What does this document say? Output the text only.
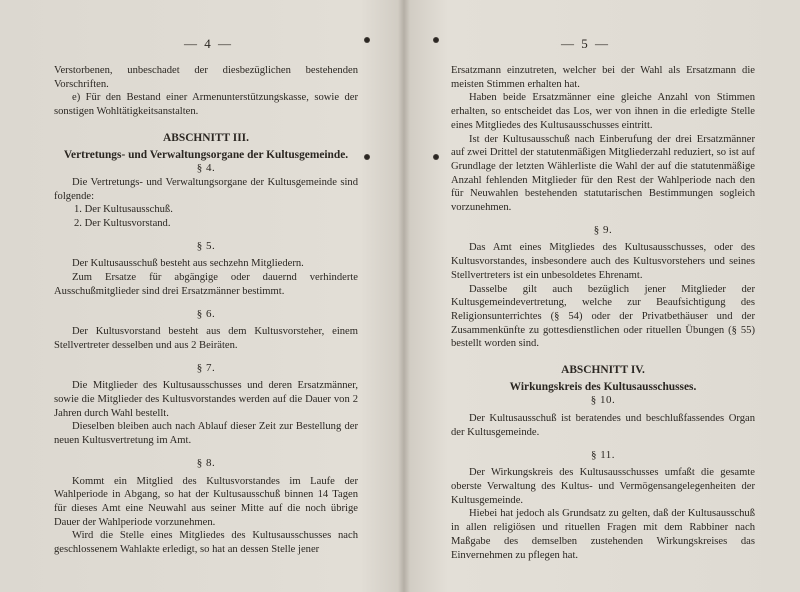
— 4 —

Verstorbenen, unbeschadet der diesbezüglichen bestehenden Vorschriften.

e) Für den Bestand einer Armenunterstützungskasse, sowie der sonstigen Wohltätigkeitsanstalten.

ABSCHNITT III.

Vertretungs- und Verwaltungsorgane der Kultusgemeinde.

§ 4.

Die Vertretungs- und Verwaltungsorgane der Kultusgemeinde sind folgende:

1. Der Kultusausschuß.

2. Der Kultusvorstand.

§ 5.

Der Kultusausschuß besteht aus sechzehn Mitgliedern.

Zum Ersatze für abgängige oder dauernd verhinderte Ausschußmitglieder sind drei Ersatzmänner bestimmt.

§ 6.

Der Kultusvorstand besteht aus dem Kultusvorsteher, einem Stellvertreter desselben und aus 2 Beiräten.

§ 7.

Die Mitglieder des Kultusausschusses und deren Ersatzmänner, sowie die Mitglieder des Kultusvorstandes werden auf die Dauer von 2 Jahren durch Wahl bestellt.

Dieselben bleiben auch nach Ablauf dieser Zeit zur Bestellung der neuen Kultusvertretung im Amt.

§ 8.

Kommt ein Mitglied des Kultusvorstandes im Laufe der Wahlperiode in Abgang, so hat der Kultusausschuß binnen 14 Tagen für dieses Amt eine Neuwahl aus seiner Mitte auf die noch übrige Dauer der Wahlperiode vorzunehmen.

Wird die Stelle eines Mitgliedes des Kultusausschusses nach geschlossenem Wahlakte erledigt, so hat an dessen Stelle jener

— 5 —

Ersatzmann einzutreten, welcher bei der Wahl als Ersatzmann die meisten Stimmen erhalten hat.

Haben beide Ersatzmänner eine gleiche Anzahl von Stimmen erhalten, so entscheidet das Los, wer von ihnen in die erledigte Stelle eines Mitgliedes des Kultusausschusses eintritt.

Ist der Kultusausschuß nach Einberufung der drei Ersatzmänner auf zwei Drittel der statutenmäßigen Mitgliederzahl reduziert, so ist auf Grundlage der letzten Wählerliste die Wahl der auf die statutenmäßige Anzahl fehlenden Mitglieder für den Rest der Wahlperiode nach den für Neuwahlen bestehenden statutarischen Bestimmungen sogleich vorzunehmen.

§ 9.

Das Amt eines Mitgliedes des Kultusausschusses, oder des Kultusvorstandes, insbesondere auch des Kultusvorstehers und seines Stellvertreters ist ein unbesoldetes Ehrenamt.

Dasselbe gilt auch bezüglich jener Mitglieder der Kultusgemeindevertretung, welche zur Beaufsichtigung des Religionsunterrichtes (§ 54) oder der Privatbethäuser und der Zusammenkünfte zu gottesdienstlichen oder rituellen Übungen (§ 55) bestellt worden sind.

ABSCHNITT IV.

Wirkungskreis des Kultusausschusses.

§ 10.

Der Kultusausschuß ist beratendes und beschlußfassendes Organ der Kultusgemeinde.

§ 11.

Der Wirkungskreis des Kultusausschusses umfaßt die gesamte oberste Verwaltung des Kultus- und Vermögensangelegenheiten der Kultusgemeinde.

Hiebei hat jedoch als Grundsatz zu gelten, daß der Kultusausschuß in allen religiösen und rituellen Fragen mit dem Rabbiner nach Maßgabe des demselben zustehenden Wirkungskreises das Einvernehmen zu pflegen hat.
